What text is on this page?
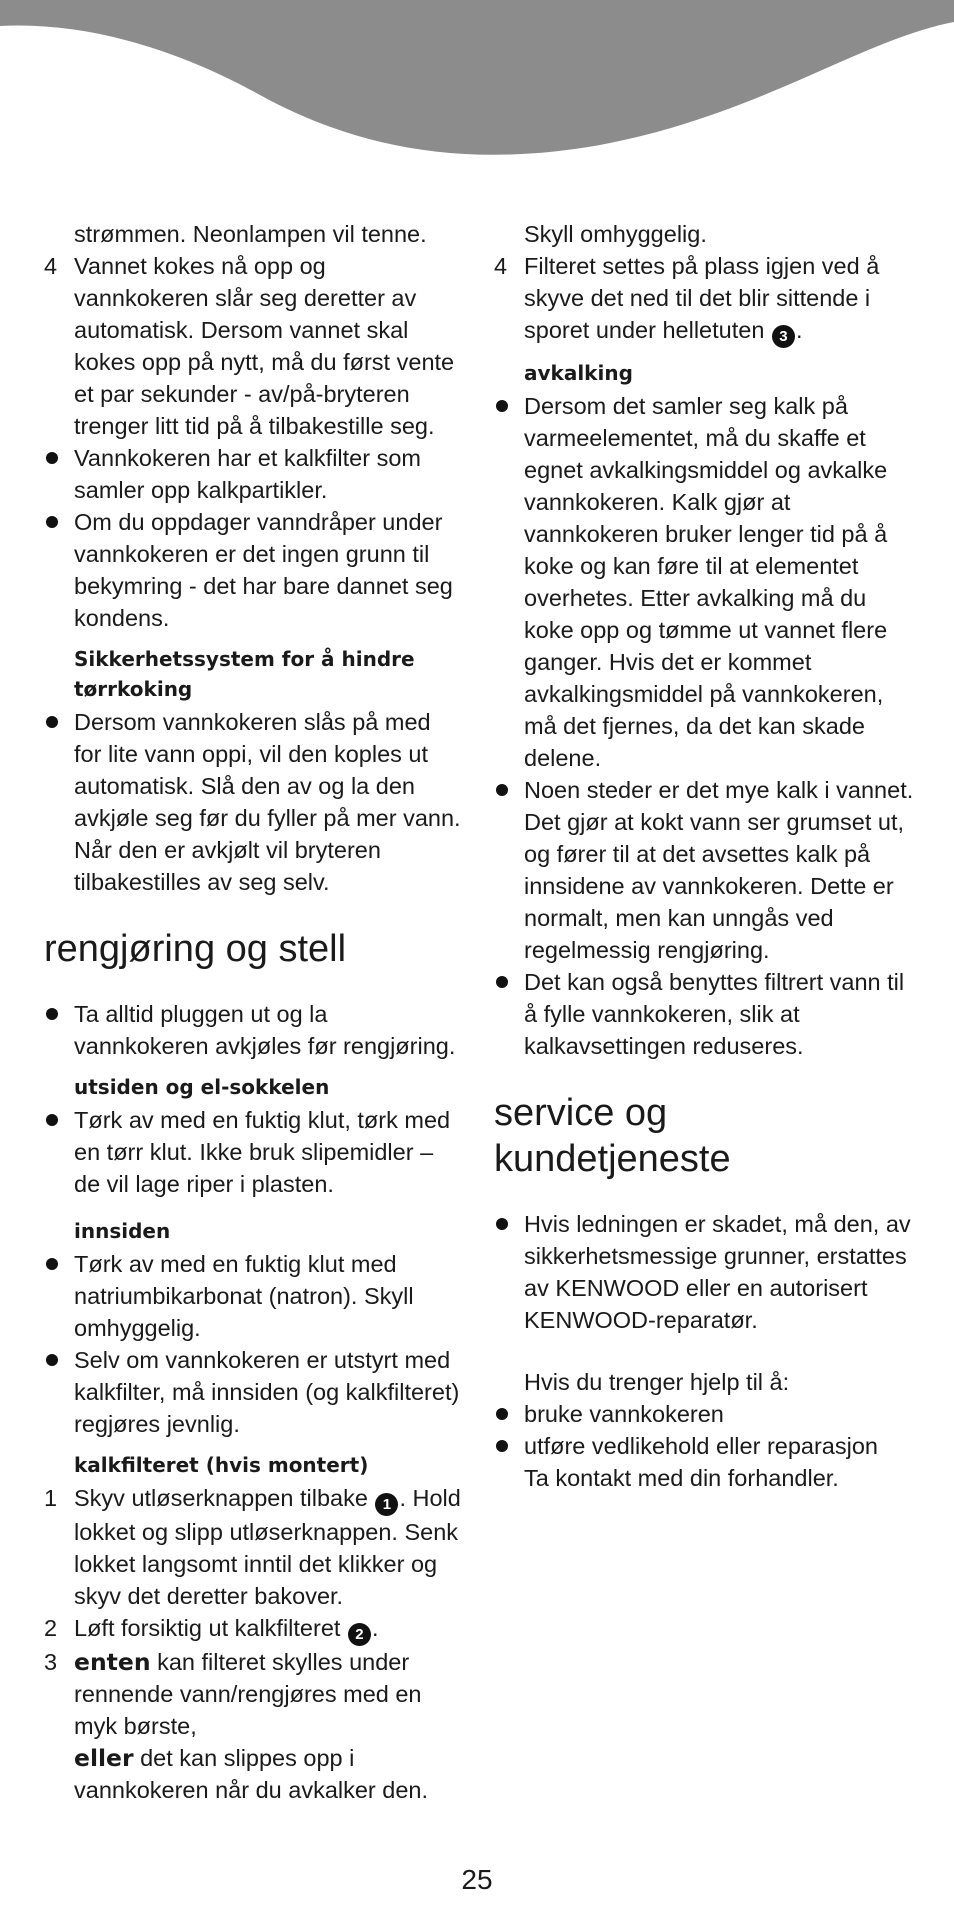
strømmen. Neonlampen vil tenne.

4 Vannet kokes nå opp og vannkokeren slår seg deretter av automatisk. Dersom vannet skal kokes opp på nytt, må du først vente et par sekunder - av/på-bryteren trenger litt tid på å tilbakestille seg.

Vannkokeren har et kalkfilter som samler opp kalkpartikler.

Om du oppdager vanndråper under vannkokeren er det ingen grunn til bekymring - det har bare dannet seg kondens.

Sikkerhetssystem for å hindre tørrkoking

Dersom vannkokeren slås på med for lite vann oppi, vil den koples ut automatisk. Slå den av og la den avkjøle seg før du fyller på mer vann. Når den er avkjølt vil bryteren tilbakestilles av seg selv.

rengjøring og stell

Ta alltid pluggen ut og la vannkokeren avkjøles før rengjøring.

utsiden og el-sokkelen

Tørk av med en fuktig klut, tørk med en tørr klut. Ikke bruk slipemidler – de vil lage riper i plasten.

innsiden

Tørk av med en fuktig klut med natriumbikarbonat (natron). Skyll omhyggelig.

Selv om vannkokeren er utstyrt med kalkfilter, må innsiden (og kalkfilteret) regjøres jevnlig.

kalkfilteret (hvis montert)

1 Skyv utløserknappen tilbake 1 . Hold lokket og slipp utløserknappen. Senk lokket langsomt inntil det klikker og skyv det deretter bakover.

2 Løft forsiktig ut kalkfilteret 2 .

3 enten kan filteret skylles under rennende vann/rengjøres med en myk børste,
eller det kan slippes opp i vannkokeren når du avkalker den.

Skyll omhyggelig.

4 Filteret settes på plass igjen ved å skyve det ned til det blir sittende i sporet under helletuten 3 .

avkalking

Dersom det samler seg kalk på varmeelementet, må du skaffe et egnet avkalkingsmiddel og avkalke vannkokeren. Kalk gjør at vannkokeren bruker lenger tid på å koke og kan føre til at elementet overhetes. Etter avkalking må du koke opp og tømme ut vannet flere ganger. Hvis det er kommet avkalkingsmiddel på vannkokeren, må det fjernes, da det kan skade delene.

Noen steder er det mye kalk i vannet. Det gjør at kokt vann ser grumset ut, og fører til at det avsettes kalk på innsidene av vannkokeren. Dette er normalt, men kan unngås ved regelmessig rengjøring.

Det kan også benyttes filtrert vann til å fylle vannkokeren, slik at kalkavsettingen reduseres.

service og kundetjeneste

Hvis ledningen er skadet, må den, av sikkerhetsmessige grunner, erstattes av KENWOOD eller en autorisert KENWOOD-reparatør.

Hvis du trenger hjelp til å:

bruke vannkokeren

utføre vedlikehold eller reparasjon

Ta kontakt med din forhandler.

25
